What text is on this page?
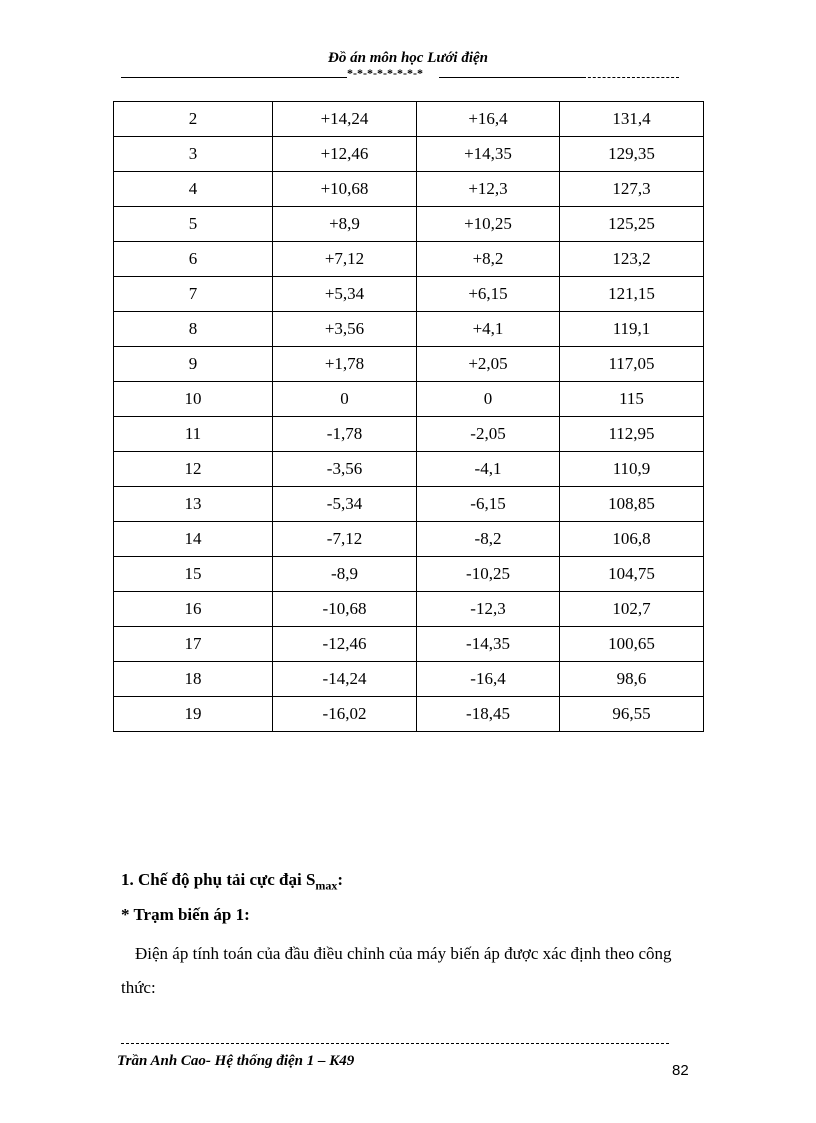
Đồ án môn học Lưới điện
*-*-*-*-*-*-*-*
2	+14,24	+16,4	131,4
3	+12,46	+14,35	129,35
4	+10,68	+12,3	127,3
5	+8,9	+10,25	125,25
6	+7,12	+8,2	123,2
7	+5,34	+6,15	121,15
8	+3,56	+4,1	119,1
9	+1,78	+2,05	117,05
10	0	0	115
11	-1,78	-2,05	112,95
12	-3,56	-4,1	110,9
13	-5,34	-6,15	108,85
14	-7,12	-8,2	106,8
15	-8,9	-10,25	104,75
16	-10,68	-12,3	102,7
17	-12,46	-14,35	100,65
18	-14,24	-16,4	98,6
19	-16,02	-18,45	96,55
1. Chế độ phụ tải cực đại $S_{max}$:
* Trạm biến áp 1:
Điện áp tính toán của đầu điều chỉnh của máy biến áp được xác định theo công thức:
Trần Anh Cao- Hệ thống điện 1 – K49
82
